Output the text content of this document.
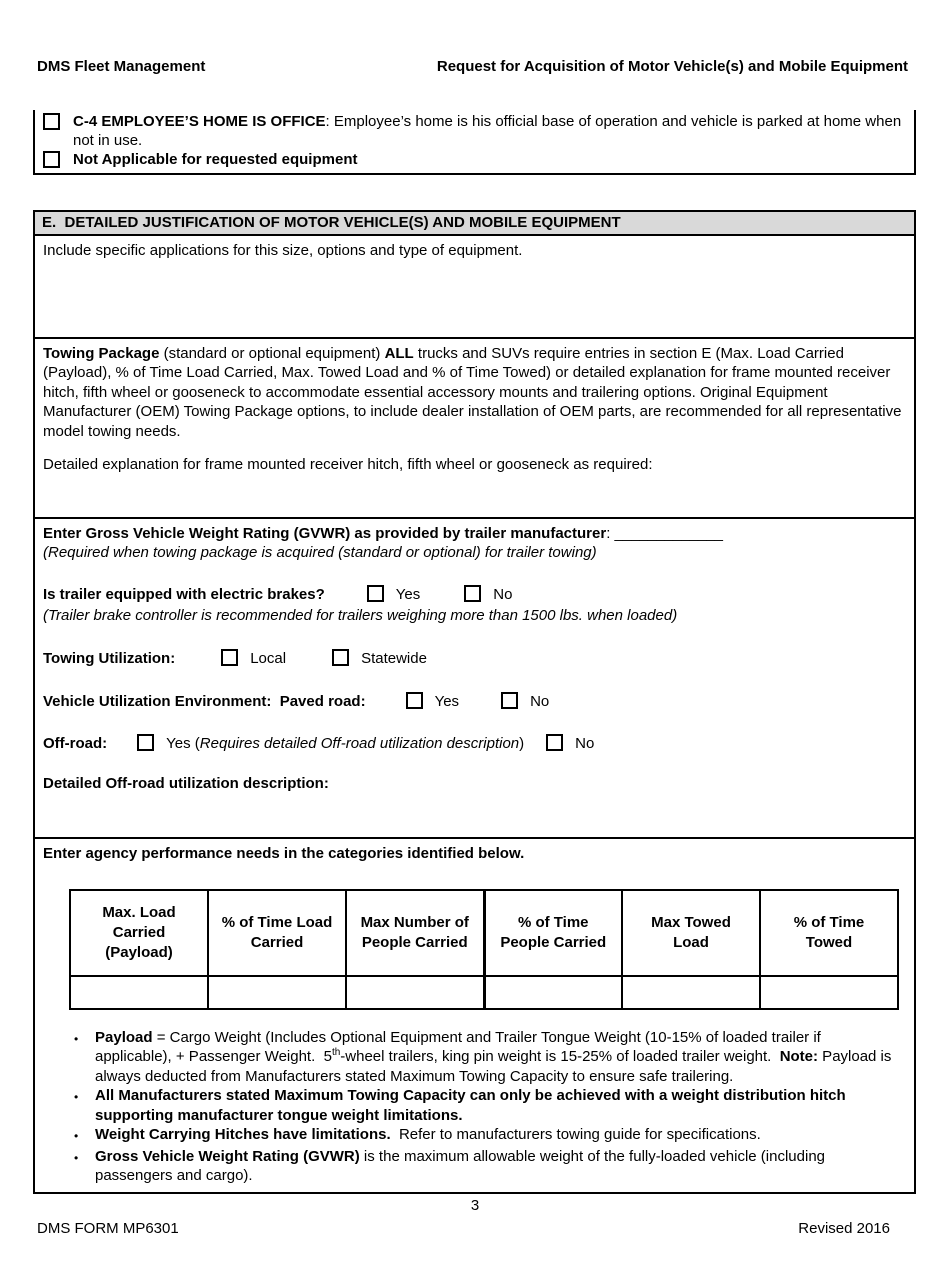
DMS Fleet Management	Request for Acquisition of Motor Vehicle(s) and Mobile Equipment
C-4 EMPLOYEE’S HOME IS OFFICE: Employee’s home is his official base of operation and vehicle is parked at home when not in use.
Not Applicable for requested equipment
E.  DETAILED JUSTIFICATION OF MOTOR VEHICLE(S) AND MOBILE EQUIPMENT
Include specific applications for this size, options and type of equipment.
Towing Package (standard or optional equipment) ALL trucks and SUVs require entries in section E (Max. Load Carried (Payload), % of Time Load Carried, Max. Towed Load and % of Time Towed) or detailed explanation for frame mounted receiver hitch, fifth wheel or gooseneck to accommodate essential accessory mounts and trailering options. Original Equipment Manufacturer (OEM) Towing Package options, to include dealer installation of OEM parts, are recommended for all representative model towing needs.
Detailed explanation for frame mounted receiver hitch, fifth wheel or gooseneck as required:
Enter Gross Vehicle Weight Rating (GVWR) as provided by trailer manufacturer: _____________
(Required when towing package is acquired (standard or optional) for trailer towing)
Is trailer equipped with electric brakes?	Yes	No
(Trailer brake controller is recommended for trailers weighing more than 1500 lbs. when loaded)
Towing Utilization:	Local	Statewide
Vehicle Utilization Environment:  Paved road:	Yes	No
Off-road:	Yes (Requires detailed Off-road utilization description)	No
Detailed Off-road utilization description:
Enter agency performance needs in the categories identified below.
Max. Load Carried (Payload)	% of Time Load Carried	Max Number of People Carried	% of Time People Carried	Max Towed Load	% of Time Towed

•	Payload = Cargo Weight (Includes Optional Equipment and Trailer Tongue Weight (10-15% of loaded trailer if applicable), + Passenger Weight.  5th-wheel trailers, king pin weight is 15-25% of loaded trailer weight.  Note: Payload is always deducted from Manufacturers stated Maximum Towing Capacity to ensure safe trailering.
•	All Manufacturers stated Maximum Towing Capacity can only be achieved with a weight distribution hitch supporting manufacturer tongue weight limitations.
•	Weight Carrying Hitches have limitations.  Refer to manufacturers towing guide for specifications.
•	Gross Vehicle Weight Rating (GVWR) is the maximum allowable weight of the fully-loaded vehicle (including passengers and cargo).
3
DMS FORM MP6301	Revised 2016
